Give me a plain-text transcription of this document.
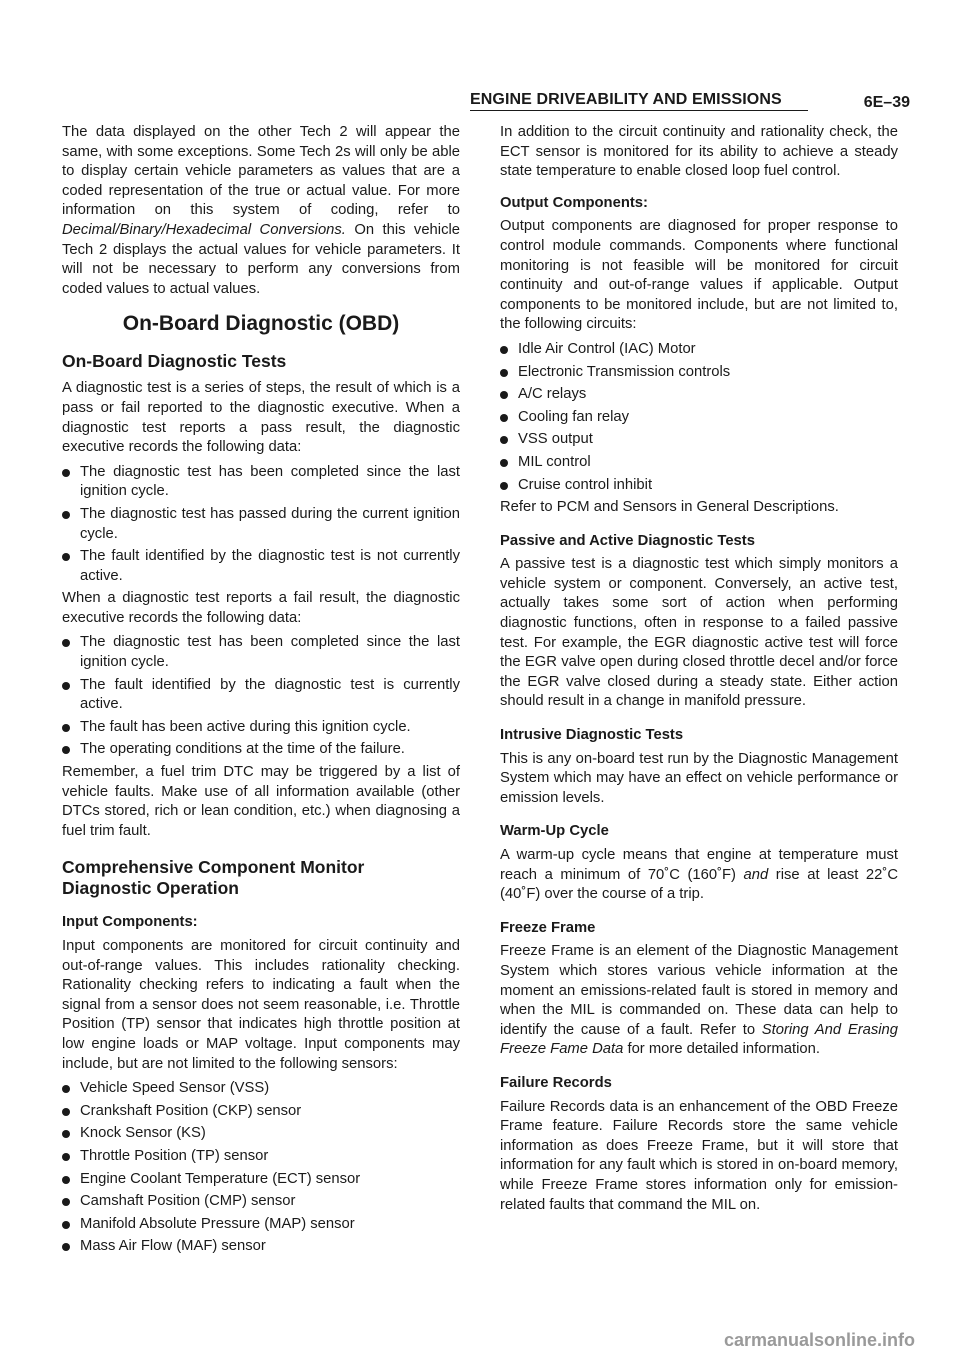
ENGINE DRIVEABILITY AND EMISSIONS	6E–39

The data displayed on the other Tech 2 will appear the same, with some exceptions. Some Tech 2s will only be able to display certain vehicle parameters as values that are a coded representation of the true or actual value. For more information on this system of coding, refer to Decimal/Binary/Hexadecimal Conversions. On this vehicle Tech 2 displays the actual values for vehicle parameters. It will not be necessary to perform any conversions from coded values to actual values.

On-Board Diagnostic (OBD)
On-Board Diagnostic Tests

A diagnostic test is a series of steps, the result of which is a pass or fail reported to the diagnostic executive. When a diagnostic test reports a pass result, the diagnostic executive records the following data:

The diagnostic test has been completed since the last ignition cycle.
The diagnostic test has passed during the current ignition cycle.
The fault identified by the diagnostic test is not currently active.

When a diagnostic test reports a fail result, the diagnostic executive records the following data:

The diagnostic test has been completed since the last ignition cycle.
The fault identified by the diagnostic test is currently active.
The fault has been active during this ignition cycle.
The operating conditions at the time of the failure.

Remember, a fuel trim DTC may be triggered by a list of vehicle faults. Make use of all information available (other DTCs stored, rich or lean condition, etc.) when diagnosing a fuel trim fault.

Comprehensive Component Monitor
Diagnostic Operation
Input Components:

Input components are monitored for circuit continuity and out-of-range values. This includes rationality checking. Rationality checking refers to indicating a fault when the signal from a sensor does not seem reasonable, i.e. Throttle Position (TP) sensor that indicates high throttle position at low engine loads or MAP voltage. Input components may include, but are not limited to the following sensors:

Vehicle Speed Sensor (VSS)
Crankshaft Position (CKP) sensor
Knock Sensor (KS)
Throttle Position (TP) sensor
Engine Coolant Temperature (ECT) sensor
Camshaft Position (CMP) sensor
Manifold Absolute Pressure (MAP) sensor
Mass Air Flow (MAF) sensor

In addition to the circuit continuity and rationality check, the ECT sensor is monitored for its ability to achieve a steady state temperature to enable closed loop fuel control.

Output Components:

Output components are diagnosed for proper response to control module commands. Components where functional monitoring is not feasible will be monitored for circuit continuity and out-of-range values if applicable. Output components to be monitored include, but are not limited to, the following circuits:

Idle Air Control (IAC) Motor
Electronic Transmission controls
A/C relays
Cooling fan relay
VSS output
MIL control
Cruise control inhibit

Refer to PCM and Sensors in General Descriptions.

Passive and Active Diagnostic Tests

A passive test is a diagnostic test which simply monitors a vehicle system or component. Conversely, an active test, actually takes some sort of action when performing diagnostic functions, often in response to a failed passive test. For example, the EGR diagnostic active test will force the EGR valve open during closed throttle decel and/or force the EGR valve closed during a steady state. Either action should result in a change in manifold pressure.

Intrusive Diagnostic Tests

This is any on-board test run by the Diagnostic Management System which may have an effect on vehicle performance or emission levels.

Warm-Up Cycle

A warm-up cycle means that engine at temperature must reach a minimum of 70˚C (160˚F) and rise at least 22˚C (40˚F) over the course of a trip.

Freeze Frame

Freeze Frame is an element of the Diagnostic Management System which stores various vehicle information at the moment an emissions-related fault is stored in memory and when the MIL is commanded on. These data can help to identify the cause of a fault. Refer to Storing And Erasing Freeze Fame Data for more detailed information.

Failure Records

Failure Records data is an enhancement of the OBD Freeze Frame feature. Failure Records store the same vehicle information as does Freeze Frame, but it will store that information for any fault which is stored in on-board memory, while Freeze Frame stores information only for emission-related faults that command the MIL on.

carmanualsonline.info
